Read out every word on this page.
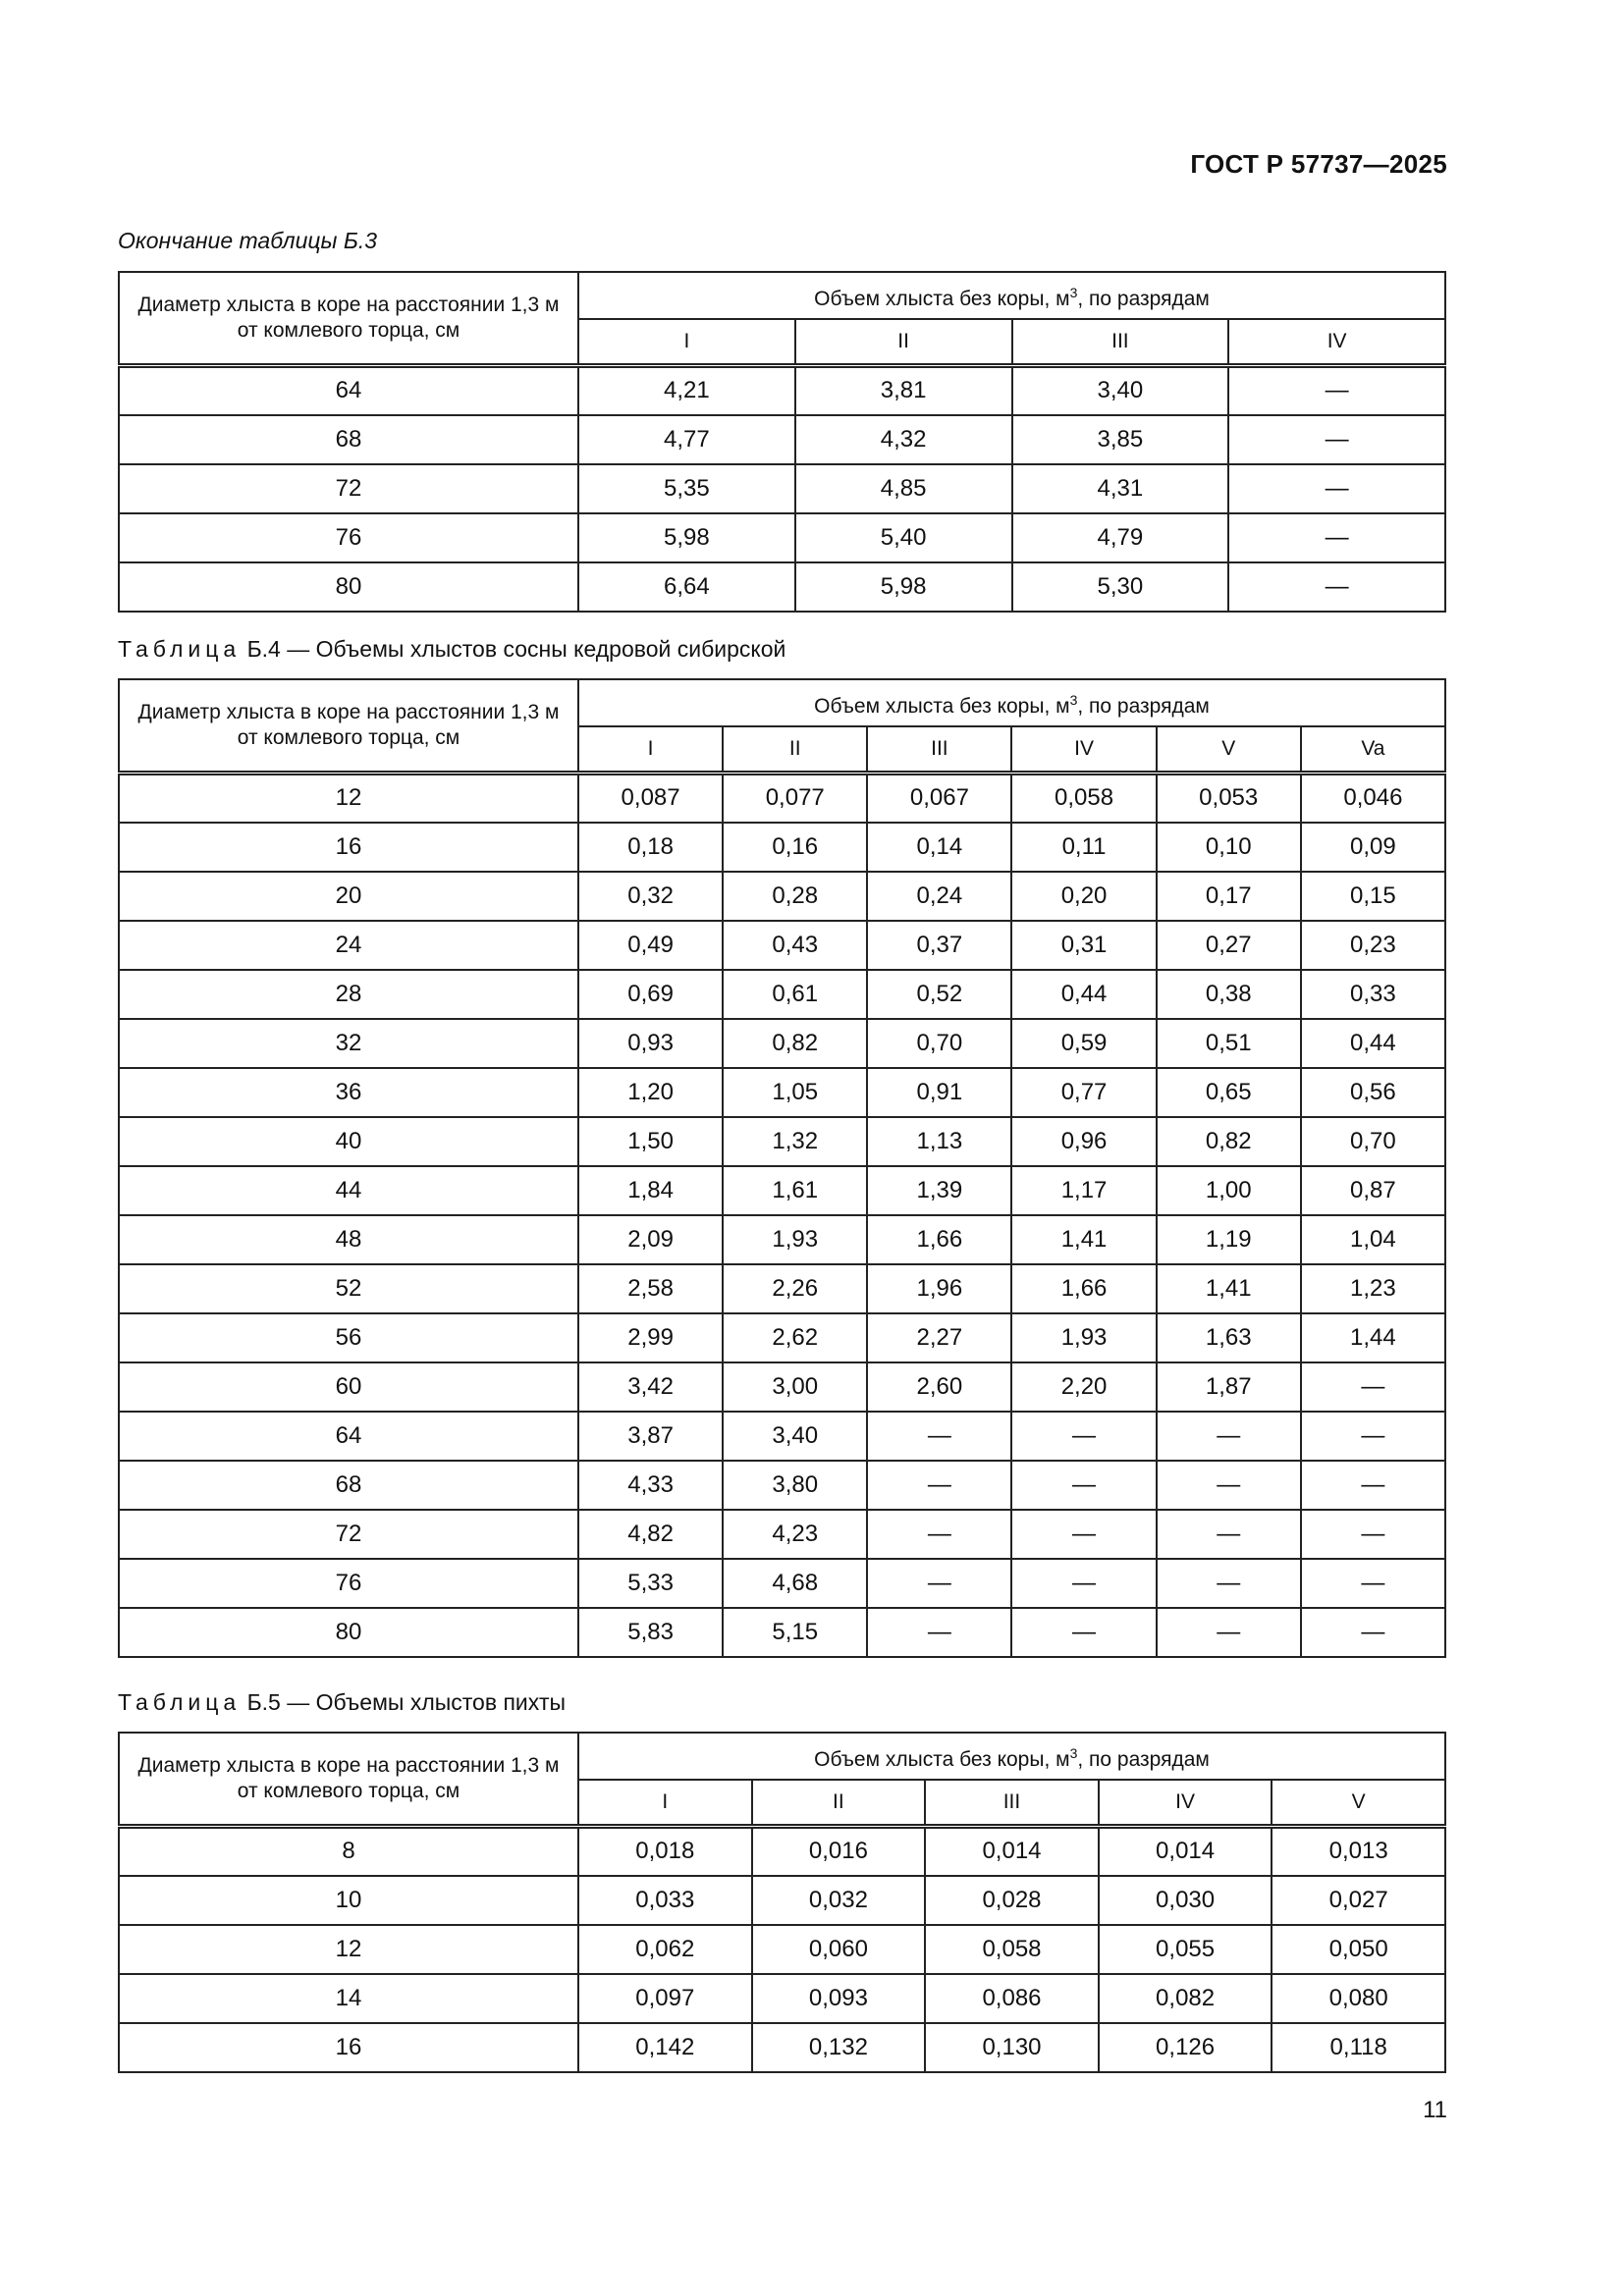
ГОСТ Р 57737—2025
Окончание таблицы Б.3
Диаметр хлыста в коре на расстоянии 1,3 м от комлевого торца, см	Объем хлыста без коры, $м^3$, по разрядам			
	I	II	III	IV
64	4,21	3,81	3,40	—
68	4,77	4,32	3,85	—
72	5,35	4,85	4,31	—
76	5,98	5,40	4,79	—
80	6,64	5,98	5,30	—
Таблица Б.4 — Объемы хлыстов сосны кедровой сибирской
Диаметр хлыста в коре на расстоянии 1,3 м от комлевого торца, см	Объем хлыста без коры, $м^3$, по разрядам					
	I	II	III	IV	V	Va
12	0,087	0,077	0,067	0,058	0,053	0,046
16	0,18	0,16	0,14	0,11	0,10	0,09
20	0,32	0,28	0,24	0,20	0,17	0,15
24	0,49	0,43	0,37	0,31	0,27	0,23
28	0,69	0,61	0,52	0,44	0,38	0,33
32	0,93	0,82	0,70	0,59	0,51	0,44
36	1,20	1,05	0,91	0,77	0,65	0,56
40	1,50	1,32	1,13	0,96	0,82	0,70
44	1,84	1,61	1,39	1,17	1,00	0,87
48	2,09	1,93	1,66	1,41	1,19	1,04
52	2,58	2,26	1,96	1,66	1,41	1,23
56	2,99	2,62	2,27	1,93	1,63	1,44
60	3,42	3,00	2,60	2,20	1,87	—
64	3,87	3,40	—	—	—	—
68	4,33	3,80	—	—	—	—
72	4,82	4,23	—	—	—	—
76	5,33	4,68	—	—	—	—
80	5,83	5,15	—	—	—	—
Таблица Б.5 — Объемы хлыстов пихты
Диаметр хлыста в коре на расстоянии 1,3 м от комлевого торца, см	Объем хлыста без коры, $м^3$, по разрядам				
	I	II	III	IV	V
8	0,018	0,016	0,014	0,014	0,013
10	0,033	0,032	0,028	0,030	0,027
12	0,062	0,060	0,058	0,055	0,050
14	0,097	0,093	0,086	0,082	0,080
16	0,142	0,132	0,130	0,126	0,118
11
